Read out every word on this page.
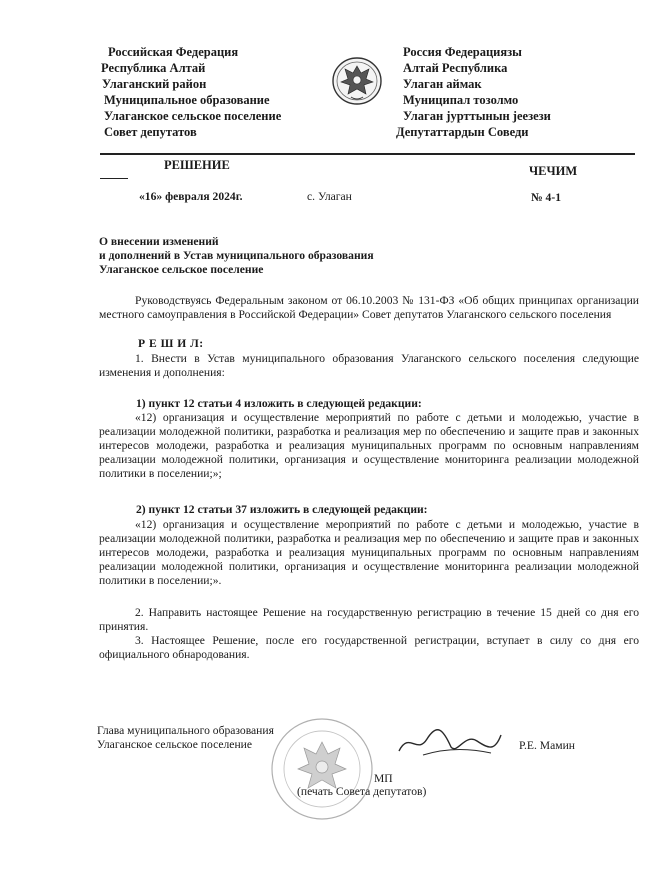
Российская Федерация
Республика Алтай
Улаганский район
Муниципальное образование
Улаганское сельское поселение
Совет депутатов
Россия Федерациязы
Алтай Республика
Улаган аймак
Муниципал тозолмо
Улаган јурттынын јеезези
Депутаттардын Соведи
РЕШЕНИЕ	ЧЕЧИМ
«16» февраля 2024г.	с. Улаган	№ 4-1
О внесении изменений
и дополнений в Устав муниципального образования
Улаганское сельское поселение
Руководствуясь Федеральным законом от 06.10.2003 № 131-ФЗ «Об общих принципах организации местного самоуправления в Российской Федерации» Совет депутатов Улаганского сельского поселения
Р Е Ш И Л:
1. Внести в Устав муниципального образования Улаганского сельского поселения следующие изменения и дополнения:
1) пункт 12 статьи 4 изложить в следующей редакции:
«12) организация и осуществление мероприятий по работе с детьми и молодежью, участие в реализации молодежной политики, разработка и реализация мер по обеспечению и защите прав и законных интересов молодежи, разработка и реализация муниципальных программ по основным направлениям реализации молодежной политики, организация и осуществление мониторинга реализации молодежной политики в поселении;»;
2) пункт 12 статьи 37 изложить в следующей редакции:
«12) организация и осуществление мероприятий по работе с детьми и молодежью, участие в реализации молодежной политики, разработка и реализация мер по обеспечению и защите прав и законных интересов молодежи, разработка и реализация муниципальных программ по основным направлениям реализации молодежной политики, организация и осуществление мониторинга реализации молодежной политики в поселении;».
2. Направить настоящее Решение на государственную регистрацию в течение 15 дней со дня его принятия.
3. Настоящее Решение, после его государственной регистрации, вступает в силу со дня его официального обнародования.
Глава муниципального образования
Улаганское сельское поселение	Р.Е. Мамин
МП
(печать Совета депутатов)
